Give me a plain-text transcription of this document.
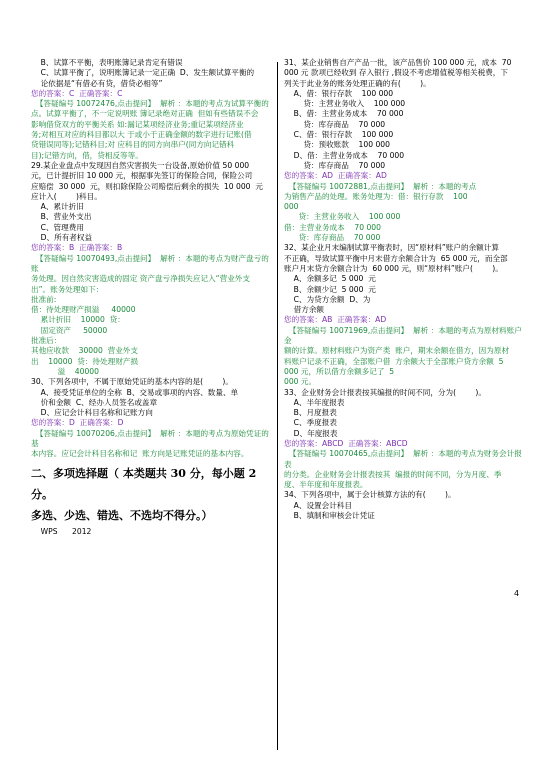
B、试算不平衡，表明账簿记录肯定有错误
C、试算平衡了，说明账簿记录一定正确  D、发生额试算平衡的
论依据是“有借必有贷，借贷必相等”
您的答案：C  正确答案：C
【答疑编号 10072476,点击提问】  解析 ：本题的考点为试算平衡的
点。试算平衡了，不一定说明账 簿记录绝对正确  但如有些错误不会
影响借贷双方的平衡关系 如:漏记某项经济业务;重记某项经济业
务;对相互对应的科目都以大 于或小于正确金额的数字进行记账(借
贷错误同等);记错科目;对 应科目的同方向串户(同方向记错科
目);记错方向，借，贷相反等等。
29.某企业盘点中发现因自然灾害损失一台设备,原始价值 50 000
元，已计提折旧 10 000 元，根据事先签订的保险合同，保险公司
应赔偿  30 000  元，则扣除保险公司赔偿后剩余的损失  10 000  元
应计入(        )科目。
A、累计折旧
B、营业外支出
C、管理费用
D、所有者权益
您的答案：B  正确答案：B
【答疑编号 10070493,点击提问】  解析 ：本题的考点为财产盘亏的账
务处理。因自然灾害造成的固定 资产盘亏净损失应记入“营业外支
出”。账务处理如下：
批准前:
借：待处理财产损溢     40000
累计折旧    10000  贷：
固定资产     50000
批准后：
其他应收款    30000  营业外支
出    10000  贷：待处理财产损
溢    40000
30、下列各项中，不属于原始凭证的基本内容的是(        )。
A、接受凭证单位的全称  B、交易或事项的内容、数量、单
价和金额  C、经办人员签名或盖章
D、应记会计科目名称和记账方向
您的答案：D  正确答案：D
【答疑编号 10070206,点击提问】  解析 ：本题的考点为原始凭证的基
本内容。应记会计科目名称和记  账方向是记账凭证的基本内容。
二、多项选择题（ 本类题共 30 分，每小题 2
分。
多选、少选、错选、不选均不得分。）
WPS      2012
31、某企业销售自产产品一批，该产品售价 100 000 元，成本  70
000 元 款项已经收到 存入银行 ,假设不考虑增值税等相关税费，下
列关于此业务的账务处理正确的有(        )。
A、借：银行存款    100 000
贷：主营业务收入    100 000
B、借：主营业务成本    70 000
贷：库存商品    70 000
C、借：银行存款    100 000
贷：预收账款    100 000
D、借：主营业务成本    70 000
贷：库存商品    70 000
您的答案：AD  正确答案：AD
【答疑编号 10072881,点击提问】  解析 ：本题的考点
为销售产品的处理。账务处理为：借：银行存款    100
000
贷：主营业务收入    100 000
借：主营业务成本    70 000
贷：库存商品    70 000
32、某企业月末编制试算平衡表时，因“原材料”账户的余额计算
不正确，导致试算平衡中月末借方余额合计为  65 000 元，而全部
账户月末贷方余额合计为  60 000 元，则“原材料”账户(        )。
A、余额多记  5 000  元
B、余额少记  5 000  元
C、为贷方余额  D、为
借方余额
您的答案：AB  正确答案：AD
【答疑编号 10071969,点击提问】  解析 ：本题的考点为原材料账户金
额的计算。原材料账户为资产类  账户，期末余额在借方，因为原材
料账户记录不正确，全部账户借  方余额大于全部账户贷方余额  5
000 元，所以借方余额多记了  5
000 元。
33、企业财务会计报表按其编报的时间不同，分为(        )。
A、半年度报表
B、月度报表
C、季度报表
D、年度报表
您的答案：ABCD  正确答案：ABCD
【答疑编号 10070465,点击提问】  解析 ：本题的考点为财务会计报表
的分类。企业财务会计报表按其  编报的时间不同，分为月度、季
度、半年度和年度报表。
34、下列各项中，属于会计核算方法的有(        )。
A、设置会计科目
B、填制和审核会计凭证
4
